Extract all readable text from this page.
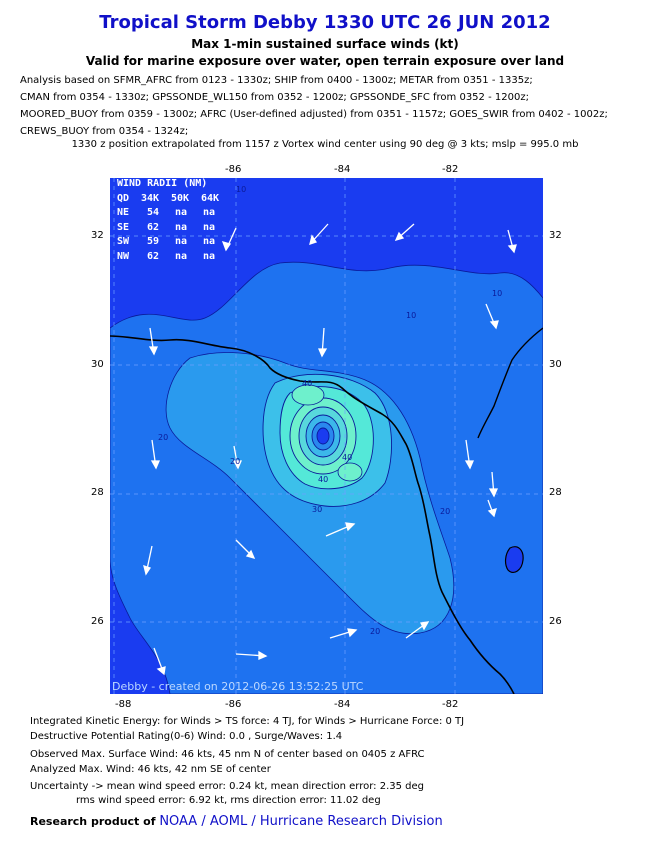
Tropical Storm Debby 1330 UTC 26 JUN 2012
Max 1-min sustained surface winds (kt)
Valid for marine exposure over water, open terrain exposure over land
Analysis based on SFMR_AFRC from 0123 - 1330z; SHIP from 0400 - 1300z; METAR from 0351 - 1335z;
CMAN from 0354 - 1330z; GPSSONDE_WL150 from 0352 - 1200z; GPSSONDE_SFC from 0352 - 1200z;
MOORED_BUOY from 0359 - 1300z; AFRC (User-defined adjusted) from 0351 - 1157z; GOES_SWIR from 0402 - 1002z;
CREWS_BUOY from 0354 - 1324z;
1330 z position extrapolated from 1157 z Vortex wind center using 90 deg @ 3 kts; mslp = 995.0 mb
-86	-84	-82
-88	-86	-84	-82
32
30
28
26
32
30
28
26
10
10
10
20
20
20
20
30
40
40
40
WIND RADII (NM)
QD 34K 50K 64K
NE 54 na na
SE 62 na na
SW 59 na na
NW 62 na na
Debby - created on 2012-06-26 13:52:25 UTC
Integrated Kinetic Energy: for Winds > TS force: 4 TJ, for Winds > Hurricane Force: 0 TJ
Destructive Potential Rating(0-6) Wind: 0.0 , Surge/Waves: 1.4
Observed Max. Surface Wind: 46 kts, 45 nm N of center based on 0405 z AFRC
Analyzed Max. Wind: 46 kts, 42 nm SE of center
Uncertainty -> mean wind speed error: 0.24 kt, mean direction error: 2.35 deg
rms wind speed error: 6.92 kt, rms direction error: 11.02 deg
Research product of NOAA / AOML / Hurricane Research Division
